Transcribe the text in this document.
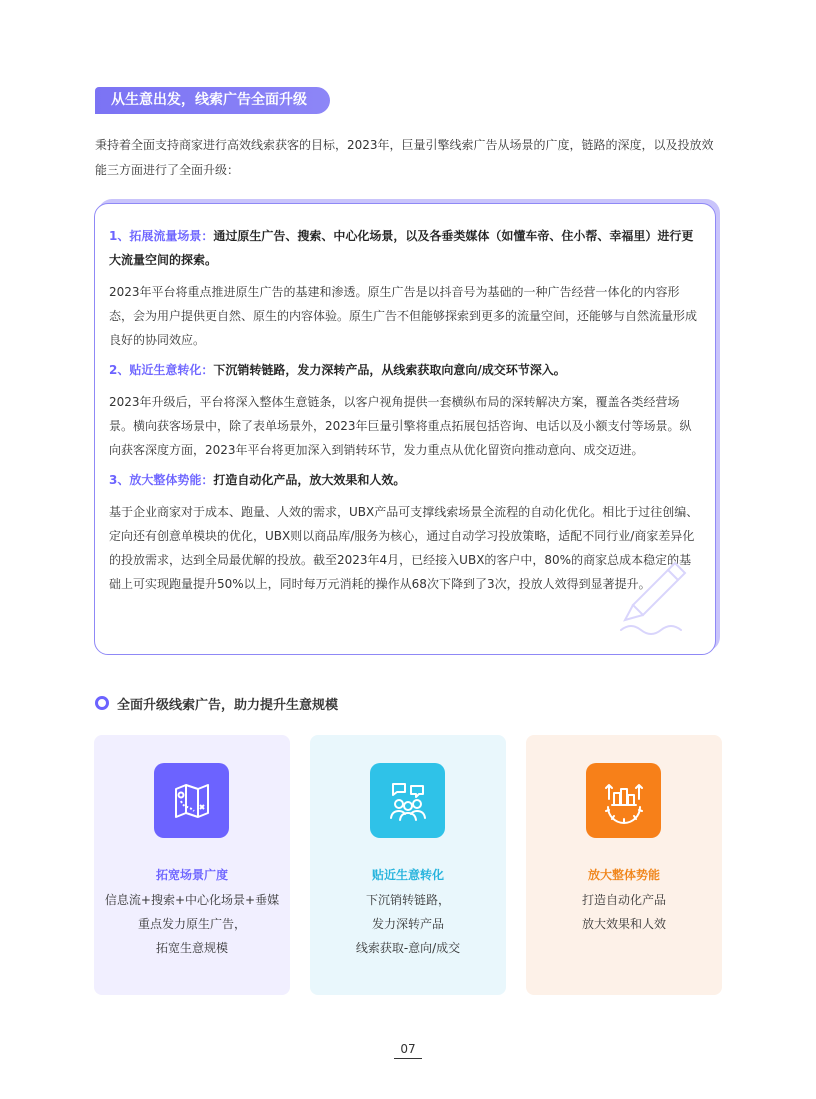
从生意出发，线索广告全面升级
秉持着全面支持商家进行高效线索获客的目标，2023年，巨量引擎线索广告从场景的广度，链路的深度，以及投放效能三方面进行了全面升级：
1、拓展流量场景：通过原生广告、搜索、中心化场景，以及各垂类媒体（如懂车帝、住小帮、幸福里）进行更大流量空间的探索。
2023年平台将重点推进原生广告的基建和渗透。原生广告是以抖音号为基础的一种广告经营一体化的内容形态，会为用户提供更自然、原生的内容体验。原生广告不但能够探索到更多的流量空间，还能够与自然流量形成良好的协同效应。
2、贴近生意转化：下沉销转链路，发力深转产品，从线索获取向意向/成交环节深入。
2023年升级后，平台将深入整体生意链条，以客户视角提供一套横纵布局的深转解决方案，覆盖各类经营场景。横向获客场景中，除了表单场景外，2023年巨量引擎将重点拓展包括咨询、电话以及小额支付等场景。纵向获客深度方面，2023年平台将更加深入到销转环节，发力重点从优化留资向推动意向、成交迈进。
3、放大整体势能：打造自动化产品，放大效果和人效。
基于企业商家对于成本、跑量、人效的需求，UBX产品可支撑线索场景全流程的自动化优化。相比于过往创编、定向还有创意单模块的优化，UBX则以商品库/服务为核心，通过自动学习投放策略，适配不同行业/商家差异化的投放需求，达到全局最优解的投放。截至2023年4月，已经接入UBX的客户中，80%的商家总成本稳定的基础上可实现跑量提升50%以上，同时每万元消耗的操作从68次下降到了3次，投放人效得到显著提升。
全面升级线索广告，助力提升生意规模
拓宽场景广度
信息流+搜索+中心化场景+垂媒
重点发力原生广告，
拓宽生意规模
贴近生意转化
下沉销转链路，
发力深转产品
线索获取-意向/成交
放大整体势能
打造自动化产品
放大效果和人效
07
